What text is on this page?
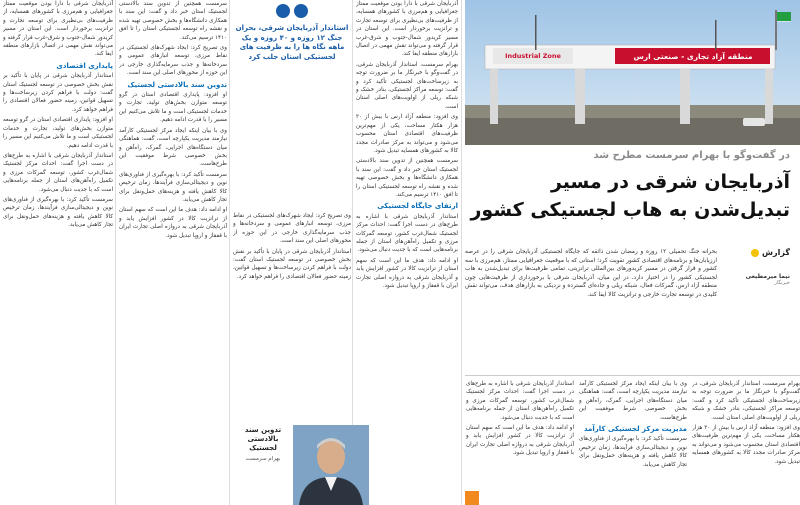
منطقه آزاد تجاری - صنعتی ارس
Industrial Zone
در گفت‌وگو با بهرام سرمست مطرح شد
آذربایجان شرقی در مسیر تبدیل‌شدن به هاب لجستیکی کشور
گزارش
نیما میرمطیعی
خبرنگار

بحرانه جنگ تحمیلی ۱۲ روزه و رمضان شدن ذائقه که جایگاه لجستیکی آذربایجان شرقی را در عرصه ارزیابان‌ها و برنامه‌های اقتصادی کشور تقویت کرد؛ استانی که با موقعیت جغرافیایی ممتاز، هم‌مرزی با سه کشور و قرار گرفتن در مسیر کریدورهای بین‌المللی ترانزیتی، تمامی ظرفیت‌ها برای تبدیل‌شدن به هاب لجستیکی کشور را در اختیار دارد. در این میان، آذربایجان شرقی با برخورداری از ظرفیت‌هایی چون منطقه آزاد ارس، گمرکات فعال، شبکه ریلی و جاده‌ای گسترده و نزدیکی به بازارهای هدف، می‌تواند نقش کلیدی در توسعه تجارت خارجی و ترانزیت کالا ایفا کند.

بهرام سرمست، استاندار آذربایجان شرقی، در گفت‌وگو با خبرنگار ما بر ضرورت توجه به زیرساخت‌های لجستیکی تأکید کرد و گفت: توسعه مراکز لجستیکی، بنادر خشک و شبکه ریلی از اولویت‌های اصلی استان است.

وی افزود: منطقه آزاد ارس با بیش از ۳۰ هزار هکتار مساحت، یکی از مهم‌ترین ظرفیت‌های اقتصادی استان محسوب می‌شود و می‌تواند به مرکز صادرات مجدد کالا به کشورهای همسایه تبدیل شود.

وی با بیان اینکه ایجاد مرکز لجستیکی کارآمد نیازمند مدیریت یکپارچه است، گفت: هماهنگی میان دستگاه‌های اجرایی، گمرک، راه‌آهن و بخش خصوصی شرط موفقیت این طرح‌هاست.

مدیریت مرکز لجستیکی کارآمد

سرمست تأکید کرد: با بهره‌گیری از فناوری‌های نوین و دیجیتالی‌سازی فرآیندها، زمان ترخیص کالا کاهش یافته و هزینه‌های حمل‌ونقل برای تجار کاهش می‌یابد.

استاندار آذربایجان شرقی با اشاره به طرح‌های در دست اجرا گفت: احداث مرکز لجستیک شمال‌غرب کشور، توسعه گمرکات مرزی و تکمیل راه‌آهن‌های استان از جمله برنامه‌هایی است که با جدیت دنبال می‌شود.

او ادامه داد: هدف ما این است که سهم استان از ترانزیت کالا در کشور افزایش یابد و آذربایجان شرقی به دروازه اصلی تجارت ایران با قفقاز و اروپا تبدیل شود.

آذربایجان شرقی با دارا بودن موقعیت ممتاز جغرافیایی و هم‌مرزی با کشورهای همسایه، از ظرفیت‌های بی‌نظیری برای توسعه تجارت و ترانزیت برخوردار است. این استان در مسیر کریدور شمال-جنوب و شرق-غرب قرار گرفته و می‌تواند نقش مهمی در اتصال بازارهای منطقه ایفا کند.

بهرام سرمست، استاندار آذربایجان شرقی، در گفت‌وگو با خبرنگار ما بر ضرورت توجه به زیرساخت‌های لجستیکی تأکید کرد و گفت: توسعه مراکز لجستیکی، بنادر خشک و شبکه ریلی از اولویت‌های اصلی استان است.

وی افزود: منطقه آزاد ارس با بیش از ۳۰ هزار هکتار مساحت، یکی از مهم‌ترین ظرفیت‌های اقتصادی استان محسوب می‌شود و می‌تواند به مرکز صادرات مجدد کالا به کشورهای همسایه تبدیل شود.

سرمست همچنین از تدوین سند بالادستی لجستیک استان خبر داد و گفت: این سند با همکاری دانشگاه‌ها و بخش خصوصی تهیه شده و نقشه راه توسعه لجستیکی استان را تا افق ۱۴۱۰ ترسیم می‌کند.

ارتقای جایگاه لجستیکی

استاندار آذربایجان شرقی با اشاره به طرح‌های در دست اجرا گفت: احداث مرکز لجستیک شمال‌غرب کشور، توسعه گمرکات مرزی و تکمیل راه‌آهن‌های استان از جمله برنامه‌هایی است که با جدیت دنبال می‌شود.

او ادامه داد: هدف ما این است که سهم استان از ترانزیت کالا در کشور افزایش یابد و آذربایجان شرقی به دروازه اصلی تجارت ایران با قفقاز و اروپا تبدیل شود.

استاندار آذربایجان شرقی، بحران جنگ ۱۲ روزه و ۴۰ روزه و یک ماهه نگاه ها را به ظرفیت های لجستیکی استان جلب کرد

وی تصریح کرد: ایجاد شهرک‌های لجستیکی در نقاط مرزی، توسعه انبارهای عمومی و سردخانه‌ها و جذب سرمایه‌گذاری خارجی در این حوزه از محورهای اصلی این سند است.

استاندار آذربایجان شرقی در پایان با تأکید بر نقش بخش خصوصی در توسعه لجستیک استان گفت: دولت با فراهم کردن زیرساخت‌ها و تسهیل قوانین، زمینه حضور فعالان اقتصادی را فراهم خواهد کرد.

تدوین سند بالادستی لجستیک
بهرام سرمست

سرمست همچنین از تدوین سند بالادستی لجستیک استان خبر داد و گفت: این سند با همکاری دانشگاه‌ها و بخش خصوصی تهیه شده و نقشه راه توسعه لجستیکی استان را تا افق ۱۴۱۰ ترسیم می‌کند.

وی تصریح کرد: ایجاد شهرک‌های لجستیکی در نقاط مرزی، توسعه انبارهای عمومی و سردخانه‌ها و جذب سرمایه‌گذاری خارجی در این حوزه از محورهای اصلی این سند است.

تدوین سند بالادستی لجستیک

او افزود: پایداری اقتصادی استان در گرو توسعه متوازن بخش‌های تولید، تجارت و خدمات لجستیکی است و ما تلاش می‌کنیم این مسیر را با قدرت ادامه دهیم.

وی با بیان اینکه ایجاد مرکز لجستیکی کارآمد نیازمند مدیریت یکپارچه است، گفت: هماهنگی میان دستگاه‌های اجرایی، گمرک، راه‌آهن و بخش خصوصی شرط موفقیت این طرح‌هاست.

سرمست تأکید کرد: با بهره‌گیری از فناوری‌های نوین و دیجیتالی‌سازی فرآیندها، زمان ترخیص کالا کاهش یافته و هزینه‌های حمل‌ونقل برای تجار کاهش می‌یابد.

او ادامه داد: هدف ما این است که سهم استان از ترانزیت کالا در کشور افزایش یابد و آذربایجان شرقی به دروازه اصلی تجارت ایران با قفقاز و اروپا تبدیل شود.

آذربایجان شرقی با دارا بودن موقعیت ممتاز جغرافیایی و هم‌مرزی با کشورهای همسایه، از ظرفیت‌های بی‌نظیری برای توسعه تجارت و ترانزیت برخوردار است. این استان در مسیر کریدور شمال-جنوب و شرق-غرب قرار گرفته و می‌تواند نقش مهمی در اتصال بازارهای منطقه ایفا کند.

پایداری اقتصادی

استاندار آذربایجان شرقی در پایان با تأکید بر نقش بخش خصوصی در توسعه لجستیک استان گفت: دولت با فراهم کردن زیرساخت‌ها و تسهیل قوانین، زمینه حضور فعالان اقتصادی را فراهم خواهد کرد.

او افزود: پایداری اقتصادی استان در گرو توسعه متوازن بخش‌های تولید، تجارت و خدمات لجستیکی است و ما تلاش می‌کنیم این مسیر را با قدرت ادامه دهیم.

استاندار آذربایجان شرقی با اشاره به طرح‌های در دست اجرا گفت: احداث مرکز لجستیک شمال‌غرب کشور، توسعه گمرکات مرزی و تکمیل راه‌آهن‌های استان از جمله برنامه‌هایی است که با جدیت دنبال می‌شود.

سرمست تأکید کرد: با بهره‌گیری از فناوری‌های نوین و دیجیتالی‌سازی فرآیندها، زمان ترخیص کالا کاهش یافته و هزینه‌های حمل‌ونقل برای تجار کاهش می‌یابد.
